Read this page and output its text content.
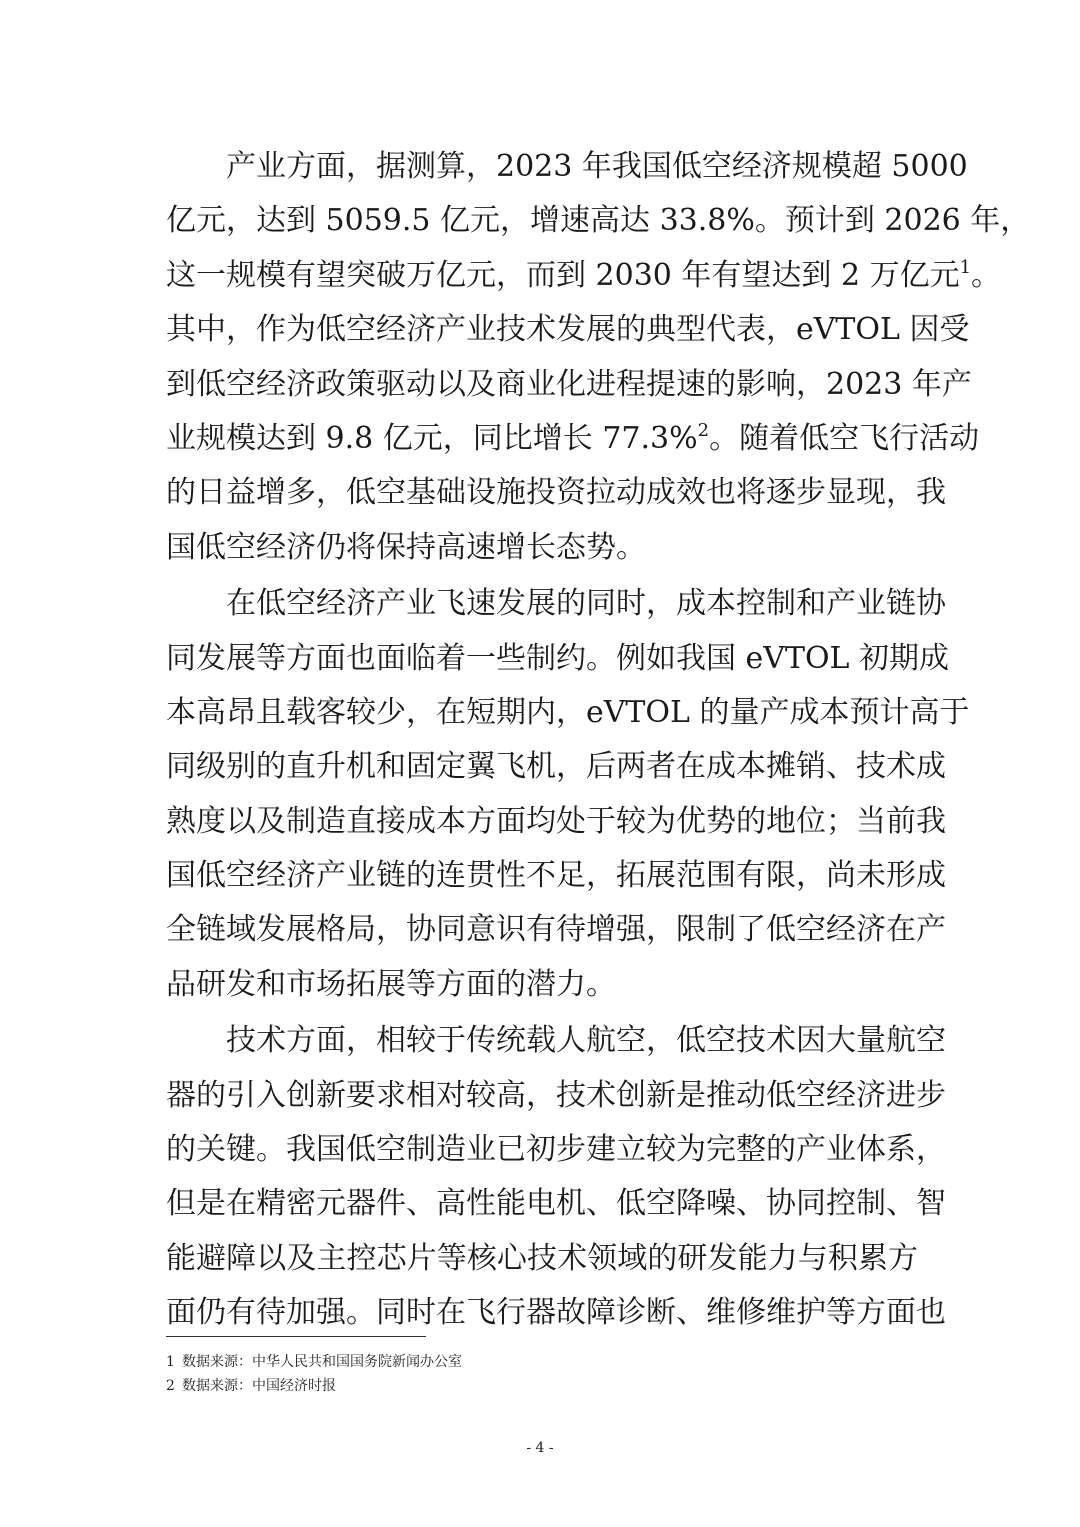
　　产业方面，据测算，2023 年我国低空经济规模超 5000
亿元，达到 5059.5 亿元，增速高达 33.8%。预计到 2026 年，
这一规模有望突破万亿元，而到 2030 年有望达到 2 万亿元$^1$。
其中，作为低空经济产业技术发展的典型代表，eVTOL 因受
到低空经济政策驱动以及商业化进程提速的影响，2023 年产
业规模达到 9.8 亿元，同比增长 77.3%$^2$。随着低空飞行活动
的日益增多，低空基础设施投资拉动成效也将逐步显现，我
国低空经济仍将保持高速增长态势。
　　在低空经济产业飞速发展的同时，成本控制和产业链协
同发展等方面也面临着一些制约。例如我国 eVTOL 初期成
本高昂且载客较少，在短期内，eVTOL 的量产成本预计高于
同级别的直升机和固定翼飞机，后两者在成本摊销、技术成
熟度以及制造直接成本方面均处于较为优势的地位；当前我
国低空经济产业链的连贯性不足，拓展范围有限，尚未形成
全链域发展格局，协同意识有待增强，限制了低空经济在产
品研发和市场拓展等方面的潜力。
　　技术方面，相较于传统载人航空，低空技术因大量航空
器的引入创新要求相对较高，技术创新是推动低空经济进步
的关键。我国低空制造业已初步建立较为完整的产业体系，
但是在精密元器件、高性能电机、低空降噪、协同控制、智
能避障以及主控芯片等核心技术领域的研发能力与积累方
面仍有待加强。同时在飞行器故障诊断、维修维护等方面也
1 数据来源：中华人民共和国国务院新闻办公室
2 数据来源：中国经济时报
- 4 -
